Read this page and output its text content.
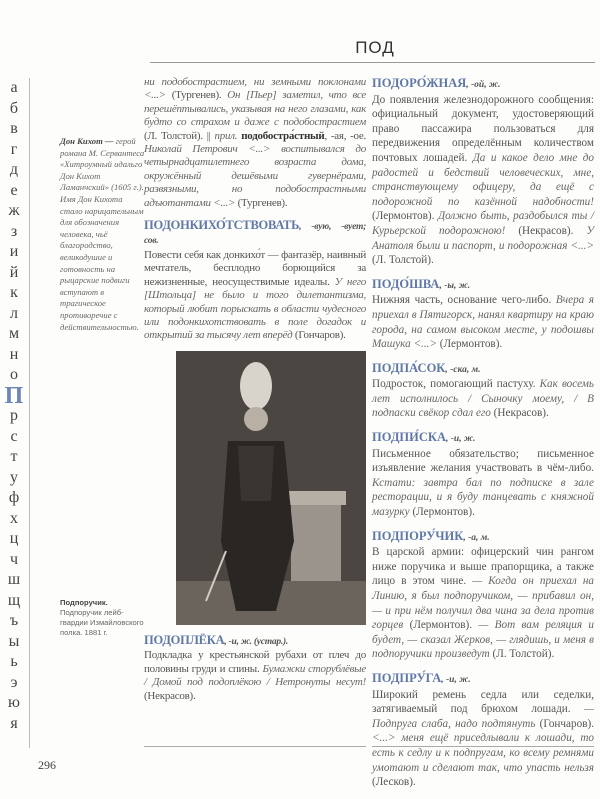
ПОД
а
б
в
г
д
е
ж
з
и
й
к
л
м
н
о
П
р
с
т
у
ф
х
ц
ч
ш
щ
ъ
ы
ь
э
ю
я
Дон Кихот — герой романа М. Сервантеса «Хитроумный идальго Дон Кихот Ламанчский» (1605 г.). Имя Дон Кихота стало нарицательным для обозначения человека, чьё благородство, великодушие и готовность на рыцарские подвиги вступают в трагическое противоречие с действительностью.
Подпоручик.
Подпоручик лейб-гвардии Измайловского полка. 1881 г.
ни подобострастием, ни земными поклонами <...> (Тургенев). Он [Пьер] заметил, что все перешёптывались, указывая на него глазами, как будто со страхом и даже с подобострастием (Л. Толстой). || прил. подобостра́стный, -ая, -ое. Николай Петрович <...> воспитывался до четырнадцатилетнего возраста дома, окружённый дешёвыми гувернёрами, развязными, но подобострастными адъютантами <...> (Тургенев).
ПОДОНКИХО́ТСТВОВАТЬ, -вую, -вует; сов.
Повести себя как донкихо́т — фантазёр, наивный мечтатель, бесплодно борющийся за нежизненные, неосуществимые идеалы. У него [Штольца] не было и того дилетантизма, который любит порыскать в области чудесного или подонкихотствовать в поле догадок и открытий за тысячу лет вперёд (Гончаров).
ПОДОПЛЁКА, -и, ж. (устар.).
Подкладка у крестьянской рубахи от плеч до половины груди и спины. Бумажки сторублёвые / Домой под подоплёкою / Нетронуты несут! (Некрасов).
ПОДОРО́ЖНАЯ, -ой, ж.
До появления железнодорожного сообщения: официальный документ, удостоверяющий право пассажира пользоваться для передвижения определённым количеством почтовых лошадей. Да и какое дело мне до радостей и бедствий человеческих, мне, странствующему офицеру, да ещё с подорожной по казённой надобности! (Лермонтов). Должно быть, раздобылся ты / Курьерской подорожною! (Некрасов). У Анатоля были и паспорт, и подорожная <...> (Л. Толстой).
ПОДО́ШВА, -ы, ж.
Нижняя часть, основание чего-либо. Вчера я приехал в Пятигорск, нанял квартиру на краю города, на самом высоком месте, у подошвы Машука <...> (Лермонтов).
ПОДПА́СОК, -ска, м.
Подросток, помогающий пастуху. Как восемь лет исполнилось / Сыночку моему, / В подпаски свёкор сдал его (Некрасов).
ПОДПИ́СКА, -и, ж.
Письменное обязательство; письменное изъявление желания участвовать в чём-либо. Кстати: завтра бал по подписке в зале ресторации, и я буду танцевать с княжной мазурку (Лермонтов).
ПОДПОРУ́ЧИК, -а, м.
В царской армии: офицерский чин рангом ниже поручика и выше прапорщика, а также лицо в этом чине. — Когда он приехал на Линию, я был подпоручиком, — прибавил он, — и при нём получил два чина за дела против горцев (Лермонтов). — Вот вам реляция и будет, — сказал Жерков, — глядишь, и меня в подпоручики произведут (Л. Толстой).
ПОДПРУ́ГА, -и, ж.
Широкий ремень седла или седелки, затягиваемый под брюхом лошади. — Подпруга слаба, надо подтянуть (Гончаров). <...> меня ещё приседлывали к лошади, то есть к седлу и к подпругам, ко всему ремнями умотают и сделают так, что упасть нельзя (Лесков).
296
